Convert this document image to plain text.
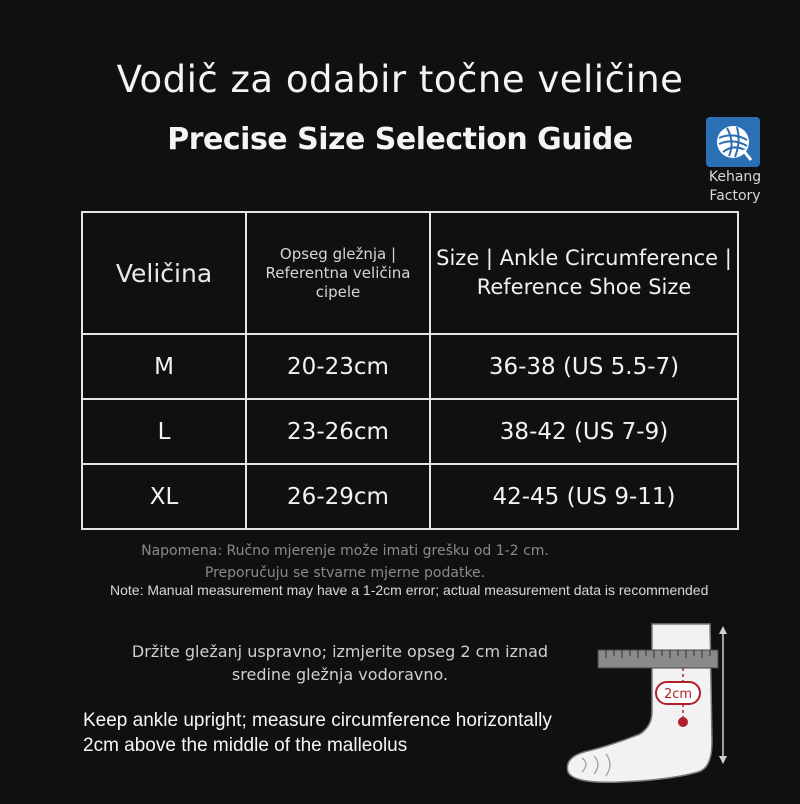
Vodič za odabir točne veličine
Precise Size Selection Guide
Kehang
Factory
Veličina	Opseg gležnja | Referentna veličina cipele	Size | Ankle Circumference | Reference Shoe Size
M	20-23cm	36-38 (US 5.5-7)
L	23-26cm	38-42 (US 7-9)
XL	26-29cm	42-45 (US 9-11)
Napomena: Ručno mjerenje može imati grešku od 1-2 cm.
Preporučuju se stvarne mjerne podatke.
Note: Manual measurement may have a 1-2cm error; actual measurement data is recommended
Držite gležanj uspravno; izmjerite opseg 2 cm iznad sredine gležnja vodoravno.
Keep ankle upright; measure circumference horizontally 2cm above the middle of the malleolus
2cm
